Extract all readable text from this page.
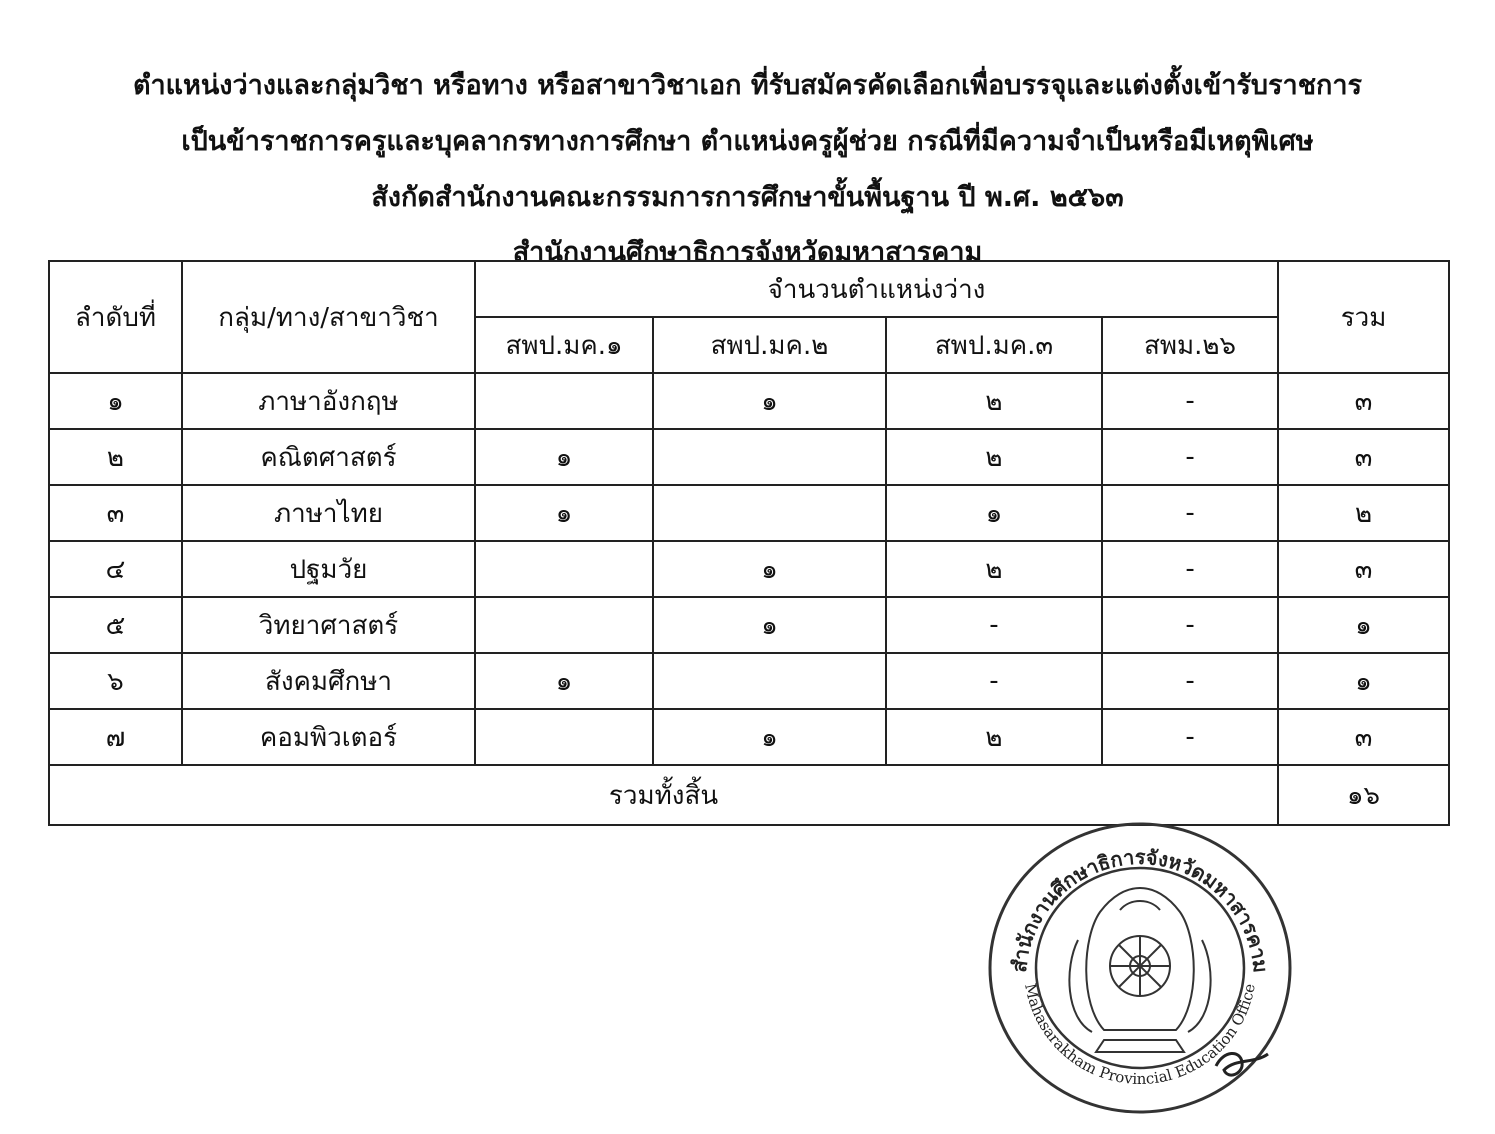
ตำแหน่งว่างและกลุ่มวิชา หรือทาง หรือสาขาวิชาเอก ที่รับสมัครคัดเลือกเพื่อบรรจุและแต่งตั้งเข้ารับราชการ
เป็นข้าราชการครูและบุคลากรทางการศึกษา ตำแหน่งครูผู้ช่วย กรณีที่มีความจำเป็นหรือมีเหตุพิเศษ
สังกัดสำนักงานคณะกรรมการการศึกษาขั้นพื้นฐาน ปี พ.ศ. ๒๕๖๓
สำนักงานศึกษาธิการจังหวัดมหาสารคาม
ลำดับที่	กลุ่ม/ทาง/สาขาวิชา	จำนวนตำแหน่งว่าง				รวม
		สพป.มค.๑	สพป.มค.๒	สพป.มค.๓	สพม.๒๖	
๑	ภาษาอังกฤษ		๑	๒	-	๓
๒	คณิตศาสตร์	๑		๒	-	๓
๓	ภาษาไทย	๑		๑	-	๒
๔	ปฐมวัย		๑	๒	-	๓
๕	วิทยาศาสตร์		๑	-	-	๑
๖	สังคมศึกษา	๑		-	-	๑
๗	คอมพิวเตอร์		๑	๒	-	๓
รวมทั้งสิ้น						๑๖
สำนักงานศึกษาธิการจังหวัดมหาสารคาม
Mahasarakham Provincial Education Office
